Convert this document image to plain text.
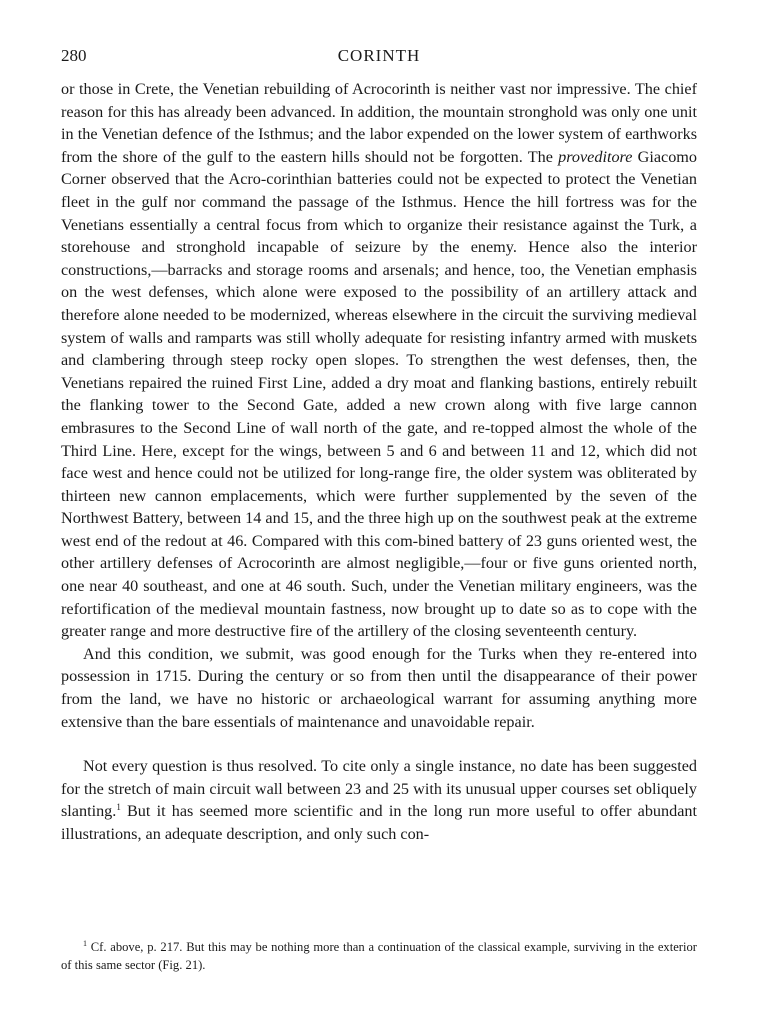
280	CORINTH

or those in Crete, the Venetian rebuilding of Acrocorinth is neither vast nor impressive. The chief reason for this has already been advanced. In addition, the mountain stronghold was only one unit in the Venetian defence of the Isthmus; and the labor expended on the lower system of earthworks from the shore of the gulf to the eastern hills should not be forgotten. The proveditore Giacomo Corner observed that the Acro-corinthian batteries could not be expected to protect the Venetian fleet in the gulf nor command the passage of the Isthmus. Hence the hill fortress was for the Venetians essentially a central focus from which to organize their resistance against the Turk, a storehouse and stronghold incapable of seizure by the enemy. Hence also the interior constructions,—barracks and storage rooms and arsenals; and hence, too, the Venetian emphasis on the west defenses, which alone were exposed to the possibility of an artillery attack and therefore alone needed to be modernized, whereas elsewhere in the circuit the surviving medieval system of walls and ramparts was still wholly adequate for resisting infantry armed with muskets and clambering through steep rocky open slopes. To strengthen the west defenses, then, the Venetians repaired the ruined First Line, added a dry moat and flanking bastions, entirely rebuilt the flanking tower to the Second Gate, added a new crown along with five large cannon embrasures to the Second Line of wall north of the gate, and re-topped almost the whole of the Third Line. Here, except for the wings, between 5 and 6 and between 11 and 12, which did not face west and hence could not be utilized for long-range fire, the older system was obliterated by thirteen new cannon emplacements, which were further supplemented by the seven of the Northwest Battery, between 14 and 15, and the three high up on the southwest peak at the extreme west end of the redout at 46. Compared with this com-bined battery of 23 guns oriented west, the other artillery defenses of Acrocorinth are almost negligible,—four or five guns oriented north, one near 40 southeast, and one at 46 south. Such, under the Venetian military engineers, was the refortification of the medieval mountain fastness, now brought up to date so as to cope with the greater range and more destructive fire of the artillery of the closing seventeenth century.

And this condition, we submit, was good enough for the Turks when they re-entered into possession in 1715. During the century or so from then until the disappearance of their power from the land, we have no historic or archaeological warrant for assuming anything more extensive than the bare essentials of maintenance and unavoidable repair.

Not every question is thus resolved. To cite only a single instance, no date has been suggested for the stretch of main circuit wall between 23 and 25 with its unusual upper courses set obliquely slanting.$^1$ But it has seemed more scientific and in the long run more useful to offer abundant illustrations, an adequate description, and only such con-

$^1$ Cf. above, p. 217. But this may be nothing more than a continuation of the classical example, surviving in the exterior of this same sector (Fig. 21).
